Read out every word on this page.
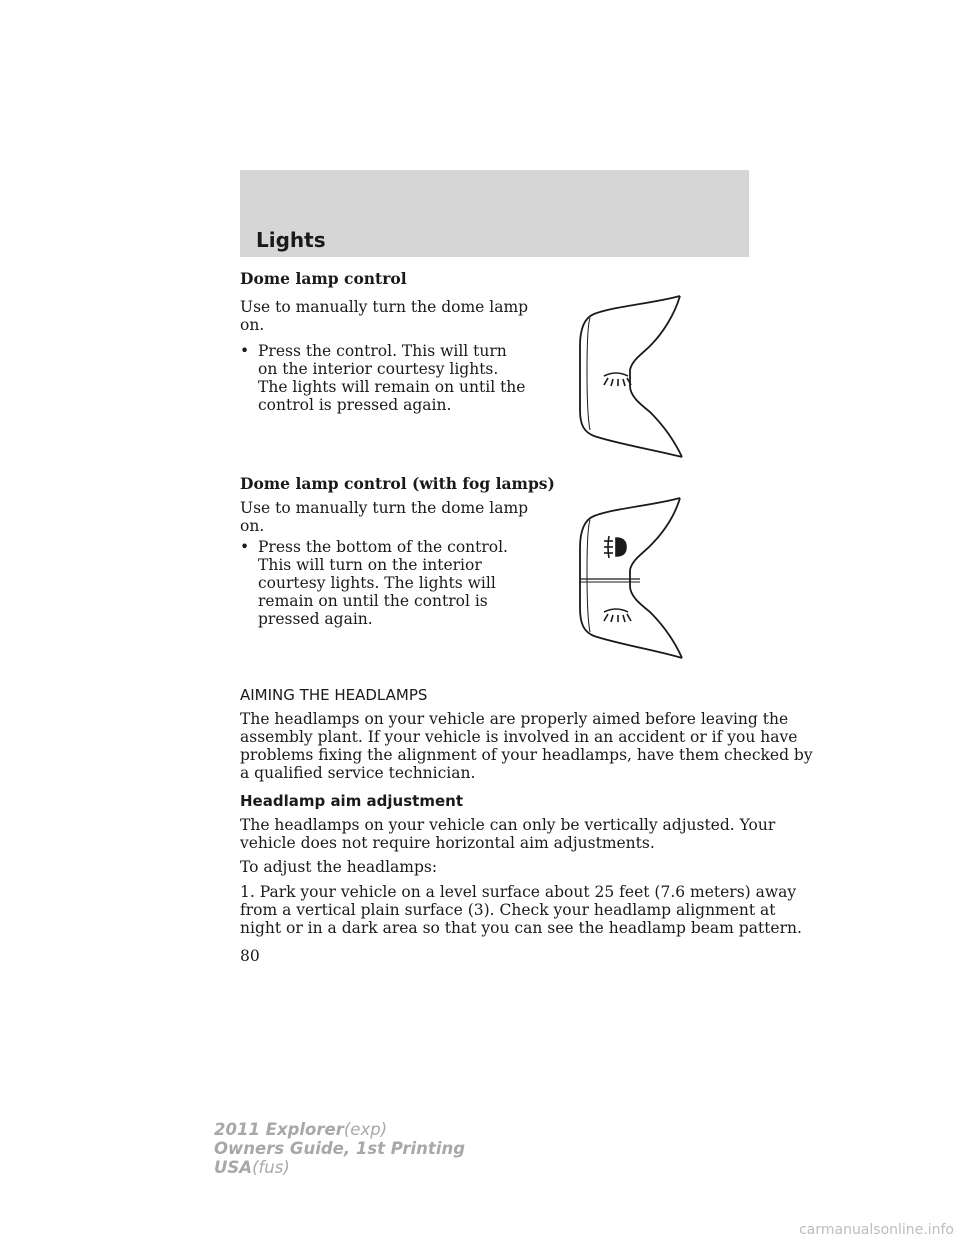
Lights
Dome lamp control
Use to manually turn the dome lamp
on.
• Press the control. This will turn
on the interior courtesy lights.
The lights will remain on until the
control is pressed again.
Dome lamp control (with fog lamps)
Use to manually turn the dome lamp
on.
• Press the bottom of the control.
This will turn on the interior
courtesy lights. The lights will
remain on until the control is
pressed again.
AIMING THE HEADLAMPS
The headlamps on your vehicle are properly aimed before leaving the
assembly plant. If your vehicle is involved in an accident or if you have
problems fixing the alignment of your headlamps, have them checked by
a qualified service technician.
Headlamp aim adjustment
The headlamps on your vehicle can only be vertically adjusted. Your
vehicle does not require horizontal aim adjustments.
To adjust the headlamps:
1. Park your vehicle on a level surface about 25 feet (7.6 meters) away
from a vertical plain surface (3). Check your headlamp alignment at
night or in a dark area so that you can see the headlamp beam pattern.
80
2011 Explorer(exp)
Owners Guide, 1st Printing
USA(fus)
carmanualsonline.info
